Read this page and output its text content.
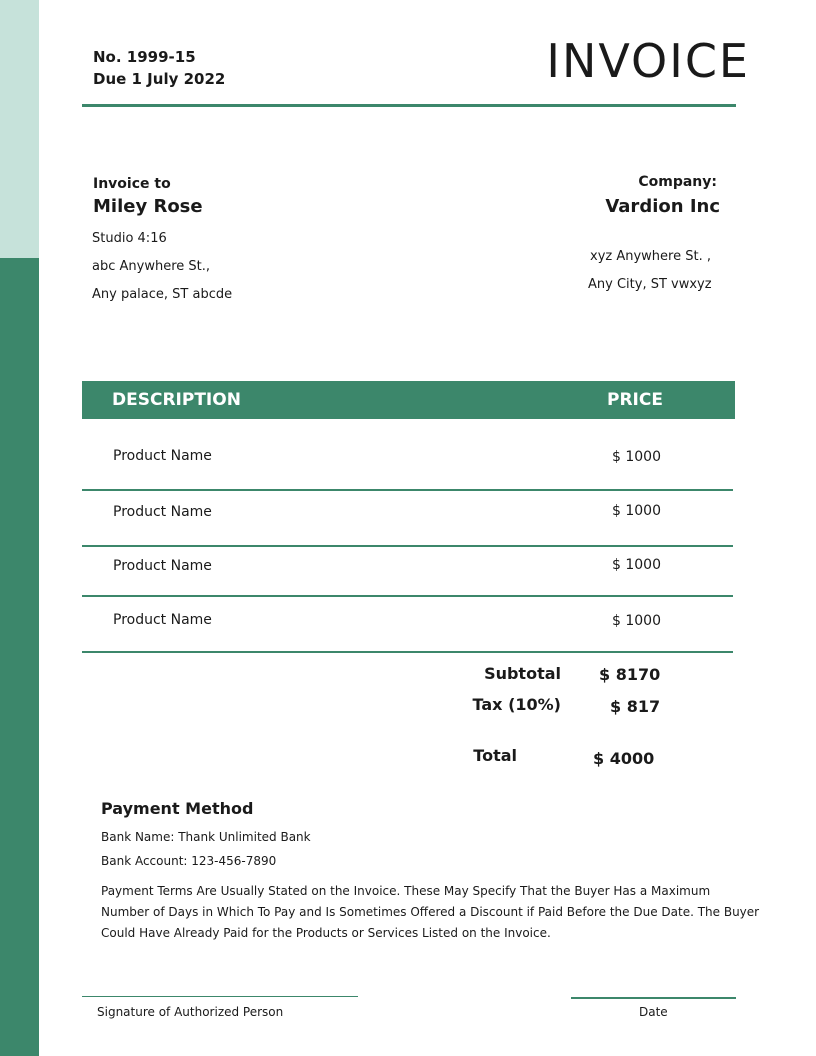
No. 1999-15
Due 1 July 2022	INVOICE
Invoice to
Miley Rose
Studio 4:16
abc Anywhere St.,
Any palace, ST abcde
Company:
Vardion Inc
xyz Anywhere St. ,
Any City, ST vwxyz
DESCRIPTION	PRICE
Product Name	$ 1000
Product Name	$ 1000
Product Name	$ 1000
Product Name	$ 1000
Subtotal $ 8170
Tax (10%)	$ 817
Total	$ 4000
Payment Method
Bank Name: Thank Unlimited Bank
Bank Account: 123-456-7890
Payment Terms Are Usually Stated on the Invoice. These May Specify That the Buyer Has a Maximum Number of Days in Which To Pay and Is Sometimes Offered a Discount if Paid Before the Due Date. The Buyer Could Have Already Paid for the Products or Services Listed on the Invoice.
Signature of Authorized Person	Date
